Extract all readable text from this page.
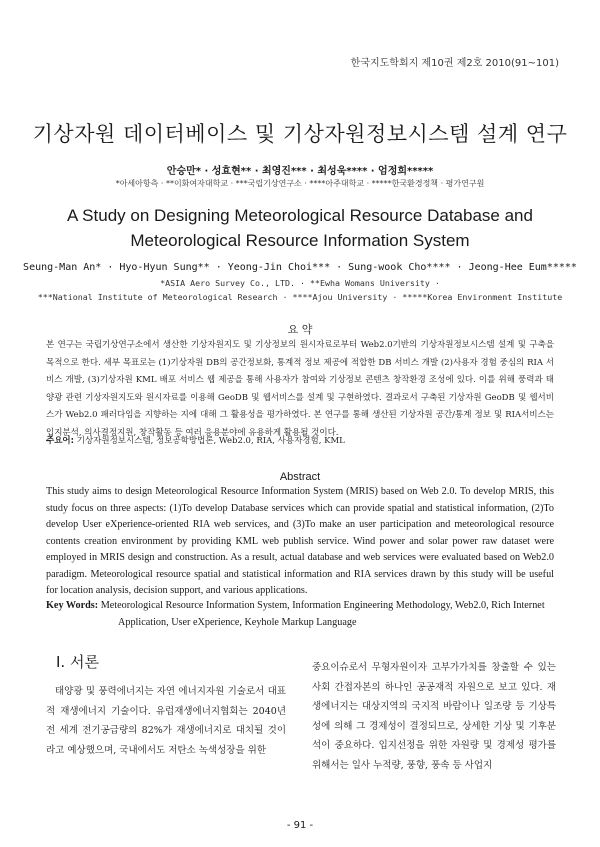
한국지도학회지 제10권 제2호 2010(91~101)
기상자원 데이터베이스 및 기상자원정보시스템 설계 연구
안승만* · 성효현** · 최영진*** · 최성욱**** · 엄정희*****
*아세아항측 · **이화여자대학교 · ***국립기상연구소 · ****아주대학교 · *****한국환경정책 · 평가연구원
A Study on Designing Meteorological Resource Database and Meteorological Resource Information System
Seung-Man An* · Hyo-Hyun Sung** · Yeong-Jin Choi*** · Sung-wook Cho**** · Jeong-Hee Eum*****
*ASIA Aero Survey Co., LTD. · **Ewha Womans University ·
***National Institute of Meteorological Research · ****Ajou University · *****Korea Environment Institute
요 약
본 연구는 국립기상연구소에서 생산한 기상자원지도 및 기상정보의 원시자료로부터 Web2.0기반의 기상자원정보시스템 설계 및 구축을 목적으로 한다. 세부 목표로는 (1)기상자원 DB의 공간정보화, 통계적 정보 제공에 적합한 DB 서비스 개발 (2)사용자 경험 중심의 RIA 서비스 개발, (3)기상자원 KML 배포 서비스 웹 제공을 통해 사용자가 참여와 기상정보 콘텐츠 창작환경 조성에 있다. 이를 위해 풍력과 태양광 관련 기상자원지도와 원시자료를 이용해 GeoDB 및 웹서비스를 설계 및 구현하였다. 결과로서 구축된 기상자원 GeoDB 및 웹서비스가 Web2.0 패러다임을 지향하는 지에 대해 그 활용성을 평가하였다. 본 연구를 통해 생산된 기상자원 공간/통계 정보 및 RIA서비스는 입지분석, 의사결정지원, 창작활동 등 여러 응용분야에 유용하게 활용될 것이다.
주요어: 기상자원정보시스템, 정보공학방법론, Web2.0, RIA, 사용자경험, KML
Abstract
This study aims to design Meteorological Resource Information System (MRIS) based on Web 2.0. To develop MRIS, this study focus on three aspects: (1)To develop Database services which can provide spatial and statistical information, (2)To develop User eXperience-oriented RIA web services, and (3)To make an user participation and meteorological resource contents creation environment by providing KML web publish service. Wind power and solar power raw dataset were employed in MRIS design and construction. As a result, actual database and web services were evaluated based on Web2.0 paradigm. Meteorological resource spatial and statistical information and RIA services drawn by this study will be useful for location analysis, decision support, and various applications.
Key Words: Meteorological Resource Information System, Information Engineering Methodology, Web2.0, Rich Internet Application, User eXperience, Keyhole Markup Language
I. 서론
태양광 및 풍력에너지는 자연 에너지자원 기술로서 대표적 재생에너지 기술이다. 유럽재생에너지협회는 2040년 전 세계 전기공급량의 82%가 재생에너지로 대치될 것이라고 예상했으며, 국내에서도 저탄소 녹색성장을 위한
중요이슈로서 무형자원이자 고부가가치를 창출할 수 있는 사회 간접자본의 하나인 공공재적 자원으로 보고 있다. 재생에너지는 대상지역의 국지적 바람이나 일조량 등 기상특성에 의해 그 경제성이 결정되므로, 상세한 기상 및 기후분석이 중요하다. 입지선정을 위한 자원량 및 경제성 평가를 위해서는 일사 누적량, 풍향, 풍속 등 사업지
- 91 -
